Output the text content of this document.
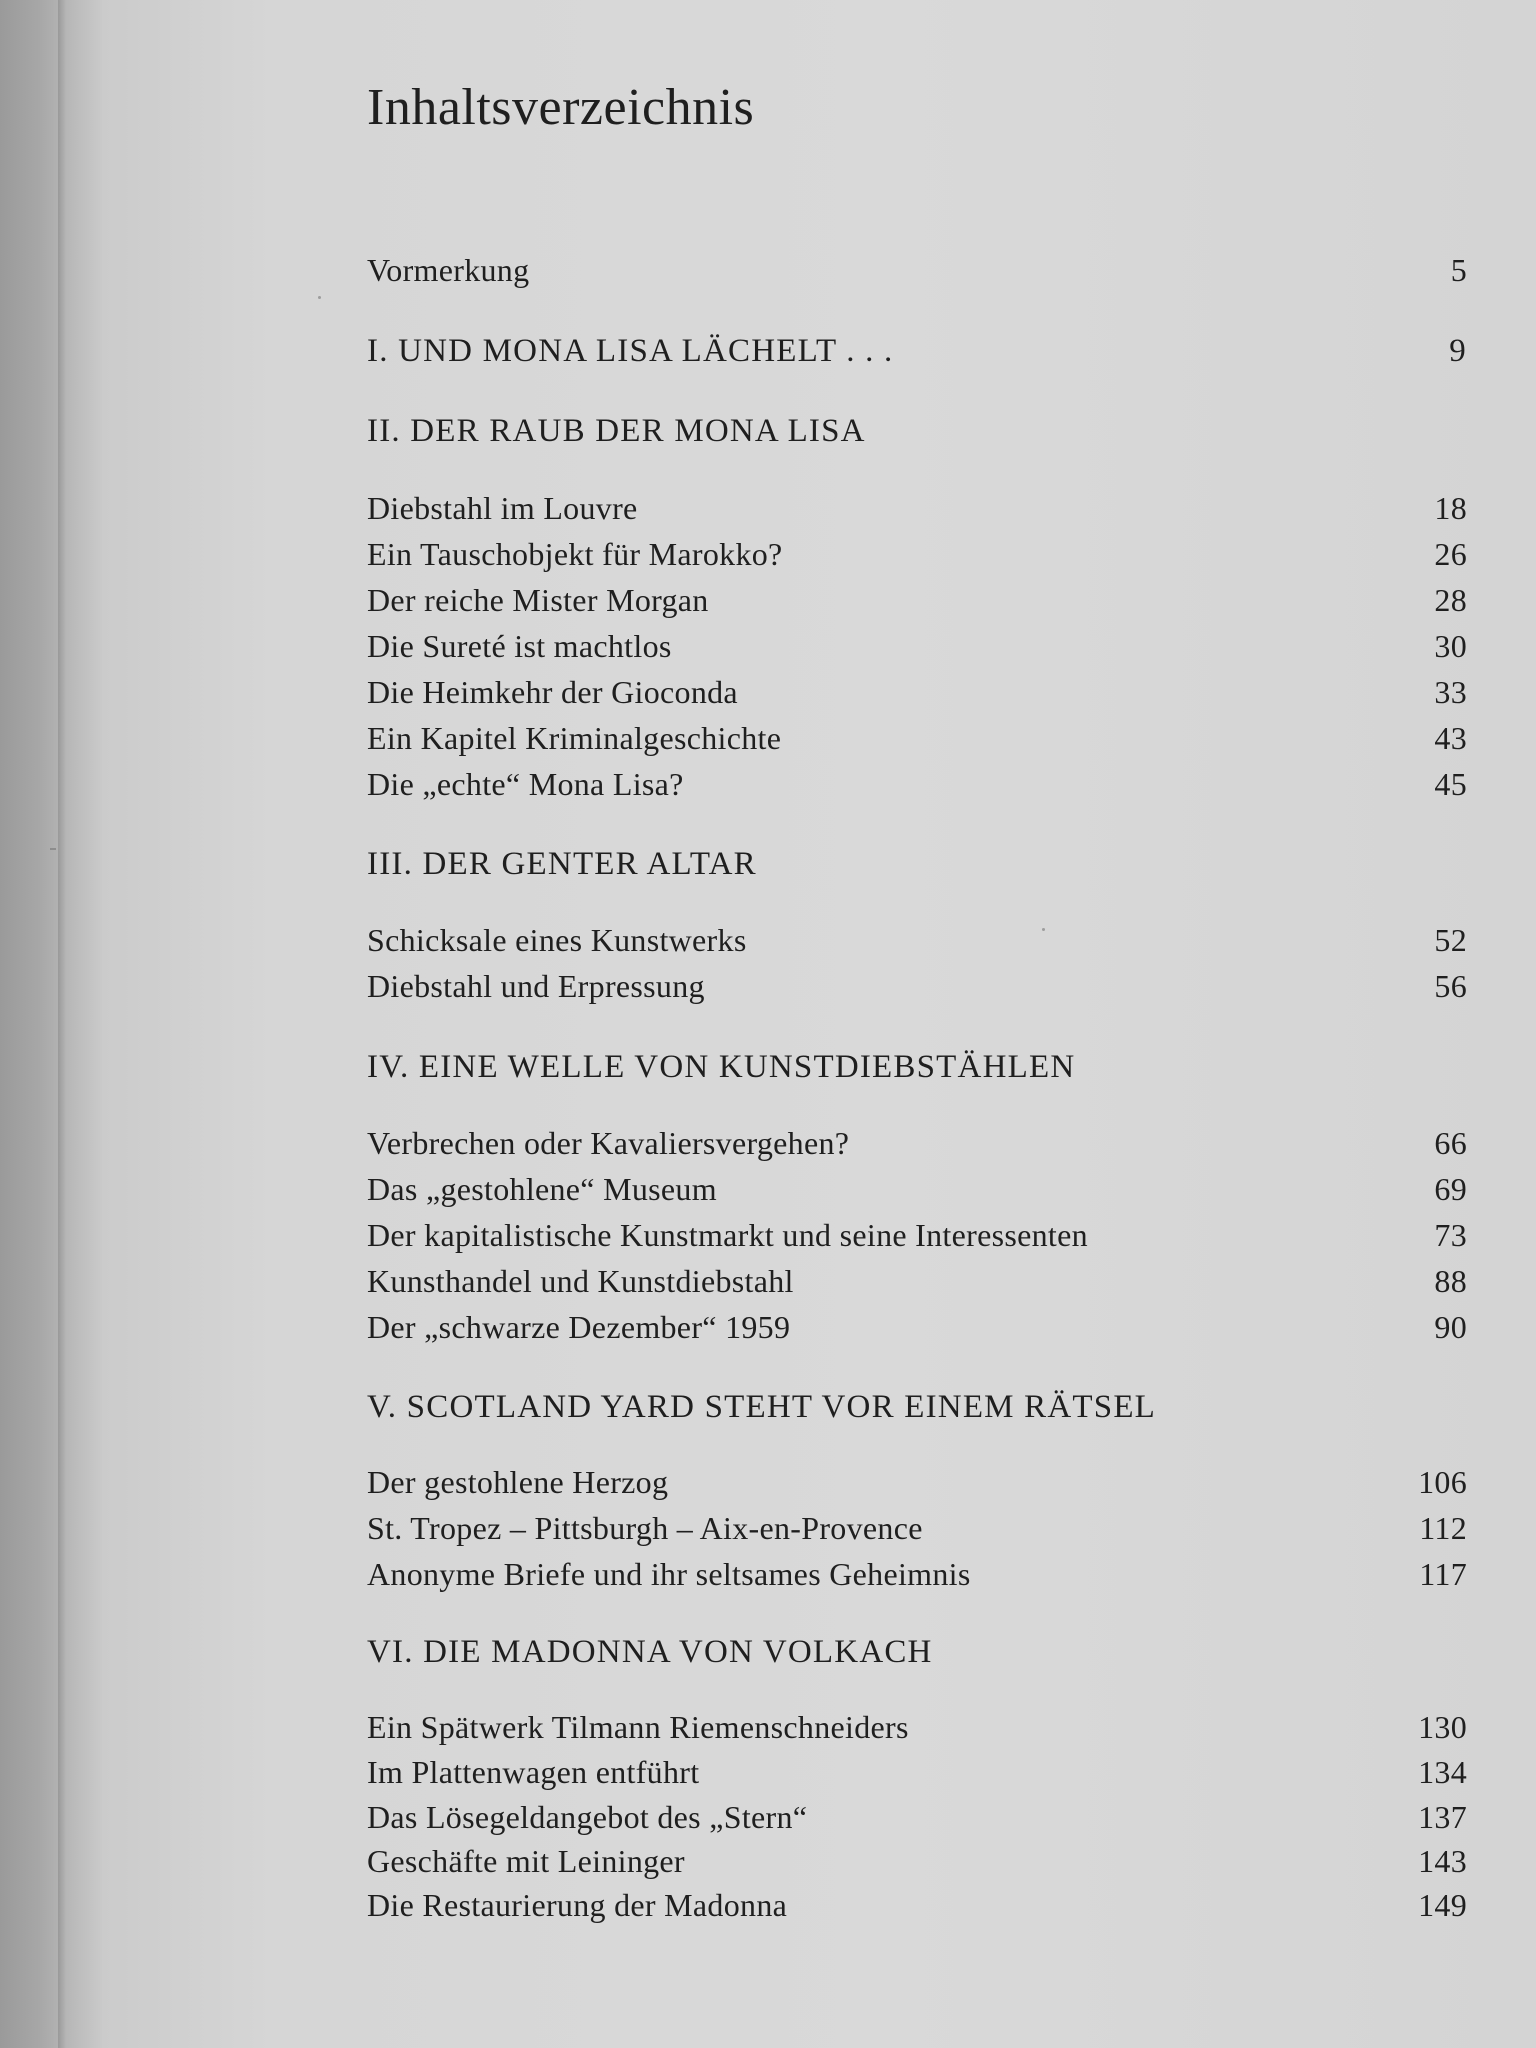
Inhaltsverzeichnis
Vormerkung	5
I. UND MONA LISA LÄCHELT . . .	9
II. DER RAUB DER MONA LISA
Diebstahl im Louvre	18
Ein Tauschobjekt für Marokko?	26
Der reiche Mister Morgan	28
Die Sureté ist machtlos	30
Die Heimkehr der Gioconda	33
Ein Kapitel Kriminalgeschichte	43
Die „echte“ Mona Lisa?	45
III. DER GENTER ALTAR
Schicksale eines Kunstwerks	52
Diebstahl und Erpressung	56
IV. EINE WELLE VON KUNSTDIEBSTÄHLEN
Verbrechen oder Kavaliersvergehen?	66
Das „gestohlene“ Museum	69
Der kapitalistische Kunstmarkt und seine Interessenten	73
Kunsthandel und Kunstdiebstahl	88
Der „schwarze Dezember“ 1959	90
V. SCOTLAND YARD STEHT VOR EINEM RÄTSEL
Der gestohlene Herzog	106
St. Tropez – Pittsburgh – Aix-en-Provence	112
Anonyme Briefe und ihr seltsames Geheimnis	117
VI. DIE MADONNA VON VOLKACH
Ein Spätwerk Tilmann Riemenschneiders	130
Im Plattenwagen entführt	134
Das Lösegeldangebot des „Stern“	137
Geschäfte mit Leininger	143
Die Restaurierung der Madonna	149
